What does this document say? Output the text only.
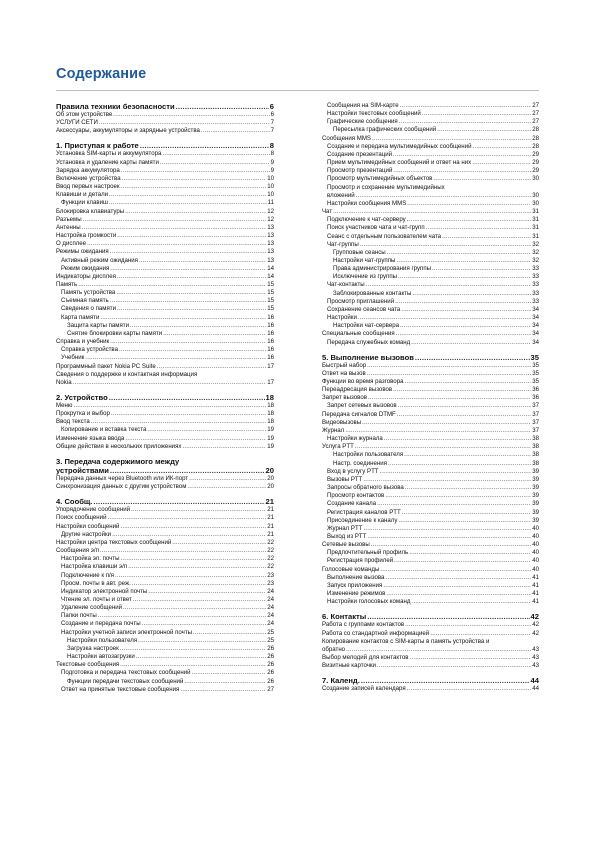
Содержание
Правила техники безопасности .....	6
Об этом устройстве .....	6
УСЛУГИ СЕТИ .....	7
Аксессуары, аккумуляторы и зарядные устройства .....	7
1. Приступая к работе .....	8
Установка SIM-карты и аккумулятора .....	8
Установка и удаление карты памяти .....	9
Зарядка аккумулятора .....	9
Включение устройства .....	10
Ввод первых настроек .....	10
Клавиши и детали .....	10
Функции клавиш .....	11
Блокировка клавиатуры .....	12
Разъемы .....	12
Антенны .....	13
Настройка громкости .....	13
О дисплее .....	13
Режимы ожидания .....	13
Активный режим ожидания .....	13
Режим ожидания .....	14
Индикаторы дисплея .....	14
Память .....	15
Память устройства .....	15
Съемная память .....	15
Сведения о памяти .....	15
Карта памяти .....	16
Защита карты памяти .....	16
Снятие блокировки карты памяти .....	16
Справка и учебник .....	16
Справка устройства .....	16
Учебник .....	16
Программный пакет Nokia PC Suite .....	17
Сведения о поддержке и контактная информация
Nokia .....	17
2. Устройство .....	18
Меню .....	18
Прокрутка и выбор .....	18
Ввод текста .....	18
Копирование и вставка текста .....	19
Изменение языка ввода .....	19
Общие действия в нескольких приложениях .....	19
3. Передача содержимого между
устройствами .....	20
Передача данных через Bluetooth или ИК-порт .....	20
Синхронизация данных с другим устройством .....	20
4. Сообщ. .....	21
Упорядочение сообщений .....	21
Поиск сообщений .....	21
Настройки сообщений .....	21
Другие настройки .....	21
Настройки центра текстовых сообщений .....	22
Сообщения э/п .....	22
Настройка эл. почты .....	22
Настройка клавиши э/п .....	22
Подключение к п/я .....	23
Просм. почты в авт. реж. .....	23
Индикатор электронной почты .....	24
Чтение эл. почты и ответ .....	24
Удаление сообщений .....	24
Папки почты .....	24
Создание и передача почты .....	24
Настройки учетной записи электронной почты .....	25
Настройки пользователя .....	25
Загрузка настроек .....	26
Настройки автозагрузки .....	26
Текстовые сообщения .....	26
Подготовка и передача текстовых сообщений .....	26
Функции передачи текстовых сообщений .....	26
Ответ на принятые текстовые сообщения .....	27
Сообщения на SIM-карте .....	27
Настройки текстовых сообщений .....	27
Графические сообщения .....	27
Пересылка графических сообщений .....	28
Сообщения MMS .....	28
Создание и передача мультимедийных сообщений .....	28
Создание презентаций .....	29
Прием мультимедийных сообщений и ответ на них .....	29
Просмотр презентаций .....	29
Просмотр мультимедийных объектов .....	30
Просмотр и сохранение мультимедийных
вложений .....	30
Настройки сообщения MMS .....	30
Чат .....	31
Подключение к чат-серверу .....	31
Поиск участников чата и чат-групп .....	31
Сеанс с отдельным пользователем чата .....	31
Чат-группы .....	32
Групповые сеансы .....	32
Настройки чат-группы .....	32
Права администрирования группы .....	33
Исключение из группы .....	33
Чат-контакты .....	33
Заблокированные контакты .....	33
Просмотр приглашений .....	33
Сохранение сеансов чата .....	34
Настройки .....	34
Настройки чат-сервера .....	34
Специальные сообщения .....	34
Передача служебных команд .....	34
5. Выполнение вызовов .....	35
Быстрый набор .....	35
Ответ на вызов .....	35
Функции во время разговора .....	35
Переадресация вызовов .....	36
Запрет вызовов .....	36
Запрет сетевых вызовов .....	37
Передача сигналов DTMF .....	37
Видеовызовы .....	37
Журнал .....	37
Настройки журнала .....	38
Услуга PTT .....	38
Настройки пользователя .....	38
Настр. соединения .....	38
Вход в услугу PTT .....	39
Вызовы PTT .....	39
Запросы обратного вызова .....	39
Просмотр контактов .....	39
Создание канала .....	39
Регистрация каналов PTT .....	39
Присоединение к каналу .....	39
Журнал PTT .....	40
Выход из PTT .....	40
Сетевые вызовы .....	40
Предпочтительный профиль .....	40
Регистрация профилей .....	40
Голосовые команды .....	40
Выполнение вызова .....	41
Запуск приложения .....	41
Изменение режимов .....	41
Настройки голосовых команд .....	41
6. Контакты .....	42
Работа с группами контактов .....	42
Работа со стандартной информацией .....	42
Копирование контактов с SIM-карты в память устройства и
обратно .....	43
Выбор мелодий для контактов .....	43
Визитные карточки .....	43
7. Календ. .....	44
Создание записей календаря .....	44
